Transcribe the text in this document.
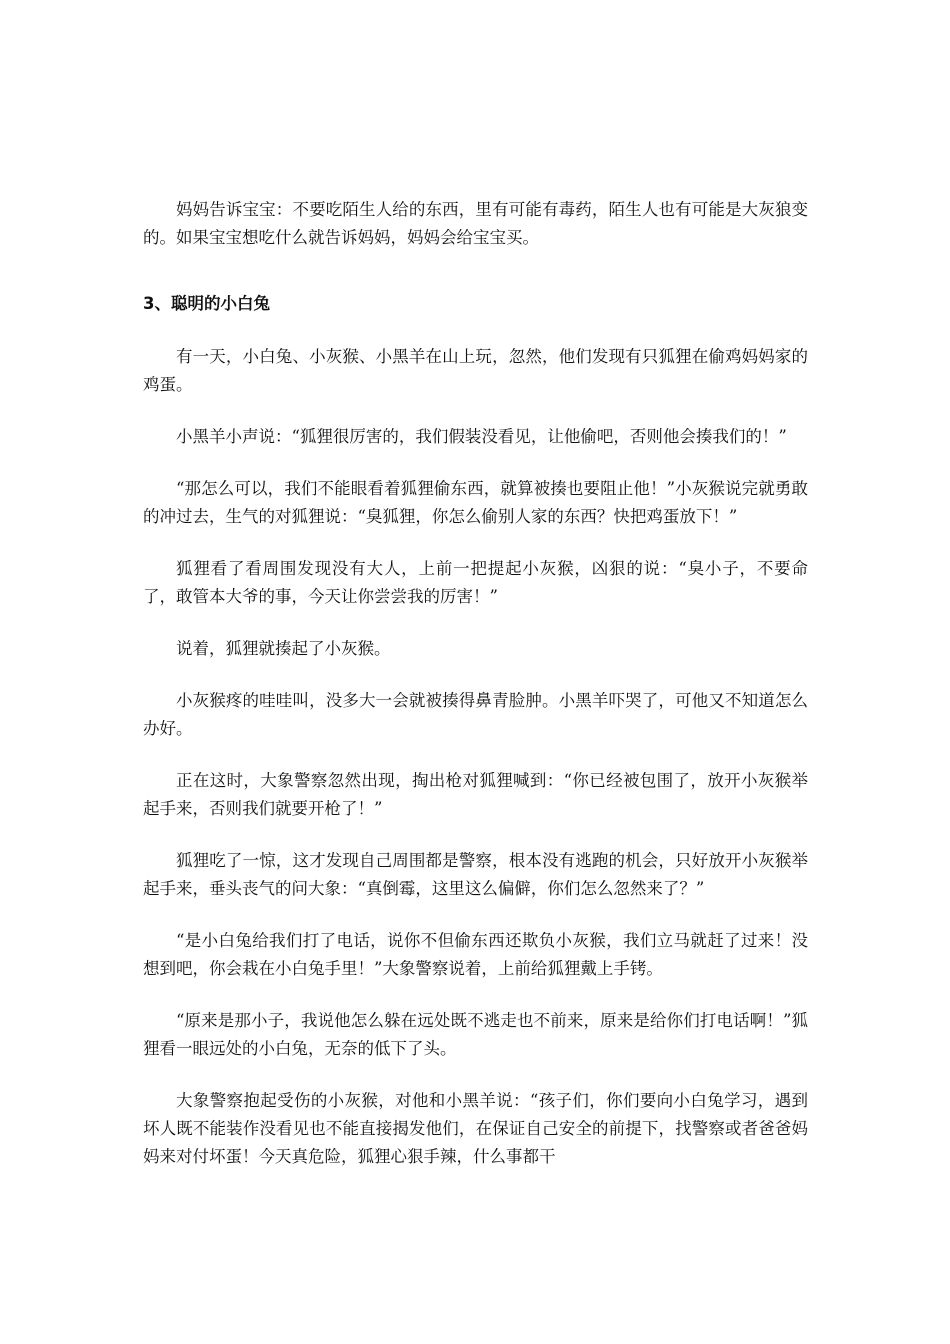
妈妈告诉宝宝：不要吃陌生人给的东西，里有可能有毒药，陌生人也有可能是大灰狼变的。如果宝宝想吃什么就告诉妈妈，妈妈会给宝宝买。

3、聪明的小白兔

有一天，小白兔、小灰猴、小黑羊在山上玩，忽然，他们发现有只狐狸在偷鸡妈妈家的鸡蛋。

小黑羊小声说：“狐狸很厉害的，我们假装没看见，让他偷吧，否则他会揍我们的！”

“那怎么可以，我们不能眼看着狐狸偷东西，就算被揍也要阻止他！”小灰猴说完就勇敢的冲过去，生气的对狐狸说：“臭狐狸，你怎么偷别人家的东西？快把鸡蛋放下！”

狐狸看了看周围发现没有大人，上前一把提起小灰猴，凶狠的说：“臭小子，不要命了，敢管本大爷的事，今天让你尝尝我的厉害！”

说着，狐狸就揍起了小灰猴。

小灰猴疼的哇哇叫，没多大一会就被揍得鼻青脸肿。小黑羊吓哭了，可他又不知道怎么办好。

正在这时，大象警察忽然出现，掏出枪对狐狸喊到：“你已经被包围了，放开小灰猴举起手来，否则我们就要开枪了！”

狐狸吃了一惊，这才发现自己周围都是警察，根本没有逃跑的机会，只好放开小灰猴举起手来，垂头丧气的问大象：“真倒霉，这里这么偏僻，你们怎么忽然来了？”

“是小白兔给我们打了电话，说你不但偷东西还欺负小灰猴，我们立马就赶了过来！没想到吧，你会栽在小白兔手里！”大象警察说着，上前给狐狸戴上手铐。

“原来是那小子，我说他怎么躲在远处既不逃走也不前来，原来是给你们打电话啊！”狐狸看一眼远处的小白兔，无奈的低下了头。

大象警察抱起受伤的小灰猴，对他和小黑羊说：“孩子们，你们要向小白兔学习，遇到坏人既不能装作没看见也不能直接揭发他们，在保证自己安全的前提下，找警察或者爸爸妈妈来对付坏蛋！今天真危险，狐狸心狠手辣，什么事都干
